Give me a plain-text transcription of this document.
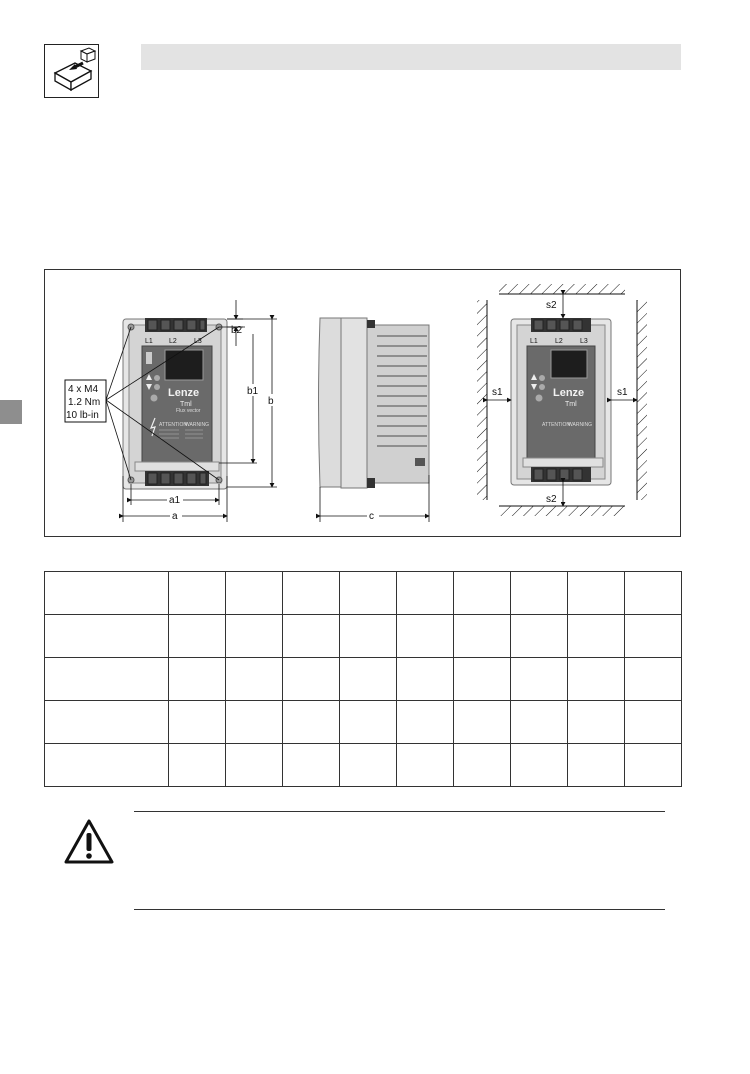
L1 L2 L3
Lenze
Tml
Flux vector
ATTENTION
WARNING
4 x M4
1.2 Nm
10 lb-in
b2
b1
b
a1
a	c
L1 L2 L3
Lenze
Tml
ATTENTION
WARNING
s2
s2
s1	s1
